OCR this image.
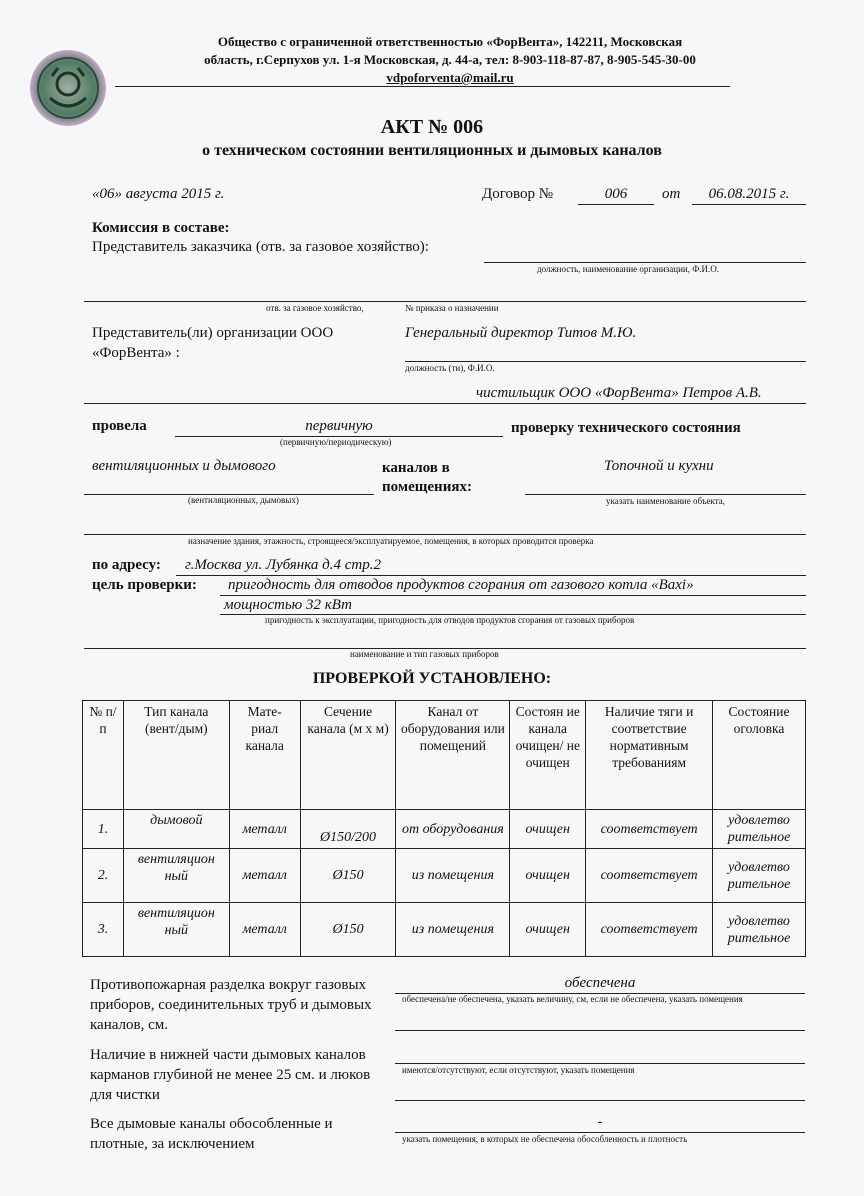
Общество с ограниченной ответственностью «ФорВента», 142211, Московская
область, г.Серпухов ул. 1-я Московская, д. 44-а, тел: 8-903-118-87-87, 8-905-545-30-00
vdpoforventa@mail.ru
АКТ № 006
о техническом состоянии вентиляционных и дымовых каналов
«06» августа 2015 г.	Договор №	006	от	06.08.2015 г.
Комиссия в составе:
Представитель заказчика (отв. за газовое хозяйство):
должность, наименование организации, Ф.И.О.
отв. за газовое хозяйство,	№ приказа о назначении
Представитель(ли) организации ООО
«ФорВента» :
Генеральный директор Титов М.Ю.
должность (ти), Ф.И.О.
чистильщик ООО «ФорВента» Петров А.В.
провела	первичную
(первичную/периодическую)
проверку технического состояния
вентиляционных и дымового
(вентиляционных, дымовых)
каналов в
помещениях:
Топочной и кухни
указать наименование объекта,
назначение здания, этажность, строящееся/эксплуатируемое, помещения, в которых проводится проверка
по адресу: г.Москва ул. Лубянка д.4 стр.2
цель проверки: пригодность для отводов продуктов сгорания от газового котла «Baxi»
мощностью 32 кВт
пригодность к эксплуатации, пригодность для отводов продуктов сгорания от газовых приборов
наименование и тип газовых приборов
ПРОВЕРКОЙ УСТАНОВЛЕНО:
№ п/п	Тип канала (вент/дым)	Мате- риал канала	Сечение канала (м х м)	Канал от оборудования или помещений	Состоян ие канала очищен/ не очищен	Наличие тяги и соответствие нормативным требованиям	Состояние оголовка
1.	дымовой	металл	Ø150/200	от оборудования	очищен	соответствует	удовлетво рительное
2.	вентиляцион ный	металл	Ø150	из помещения	очищен	соответствует	удовлетво рительное
3.	вентиляцион ный	металл	Ø150	из помещения	очищен	соответствует	удовлетво рительное
Противопожарная разделка вокруг газовых приборов, соединительных труб и дымовых каналов, см.
обеспечена
обеспечена/не обеспечена, указать величину, см, если не обеспечена, указать помещения
Наличие в нижней части дымовых каналов карманов глубиной не менее 25 см. и люков для чистки
имеются/отсутствуют, если отсутствуют, указать помещения
Все дымовые каналы обособленные и плотные, за исключением
-
указать помещения, в которых не обеспечена обособленность и плотность
